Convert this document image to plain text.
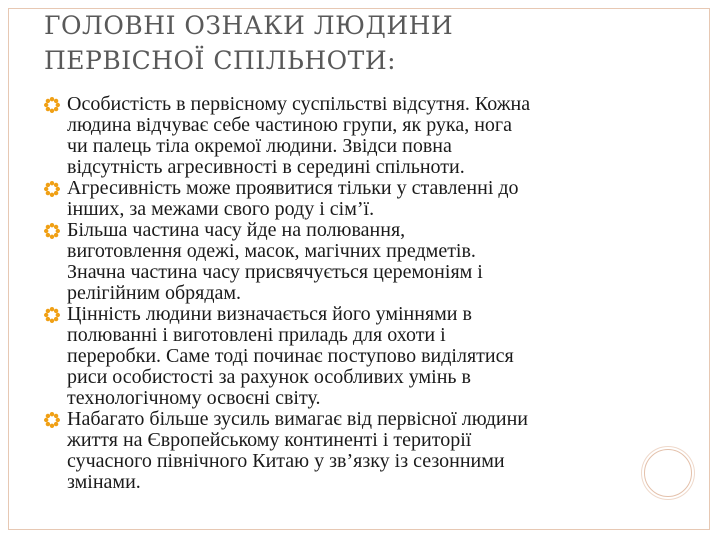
ГОЛОВНІ ОЗНАКИ ЛЮДИНИ
ПЕРВІСНОЇ СПІЛЬНОТИ:
Особистість в первісному суспільстві відсутня. Кожна
людина відчуває себе частиною групи, як рука, нога
чи палець тіла окремої людини. Звідси повна
відсутність агресивності в середині спільноти.
Агресивність може проявитися тільки у ставленні до
інших, за межами свого роду і сім’ї.
Більша частина часу йде на полювання,
виготовлення одежі, масок, магічних предметів.
Значна частина часу присвячується церемоніям і
релігійним обрядам.
Цінність людини визначається його уміннями в
полюванні і виготовлені приладь для охоти і
переробки. Саме тоді починає поступово виділятися
риси особистості за рахунок особливих умінь в
технологічному освоєні світу.
Набагато більше зусиль вимагає від первісної людини
життя на Європейському континенті і території
сучасного північного Китаю у зв’язку із сезонними
змінами.
